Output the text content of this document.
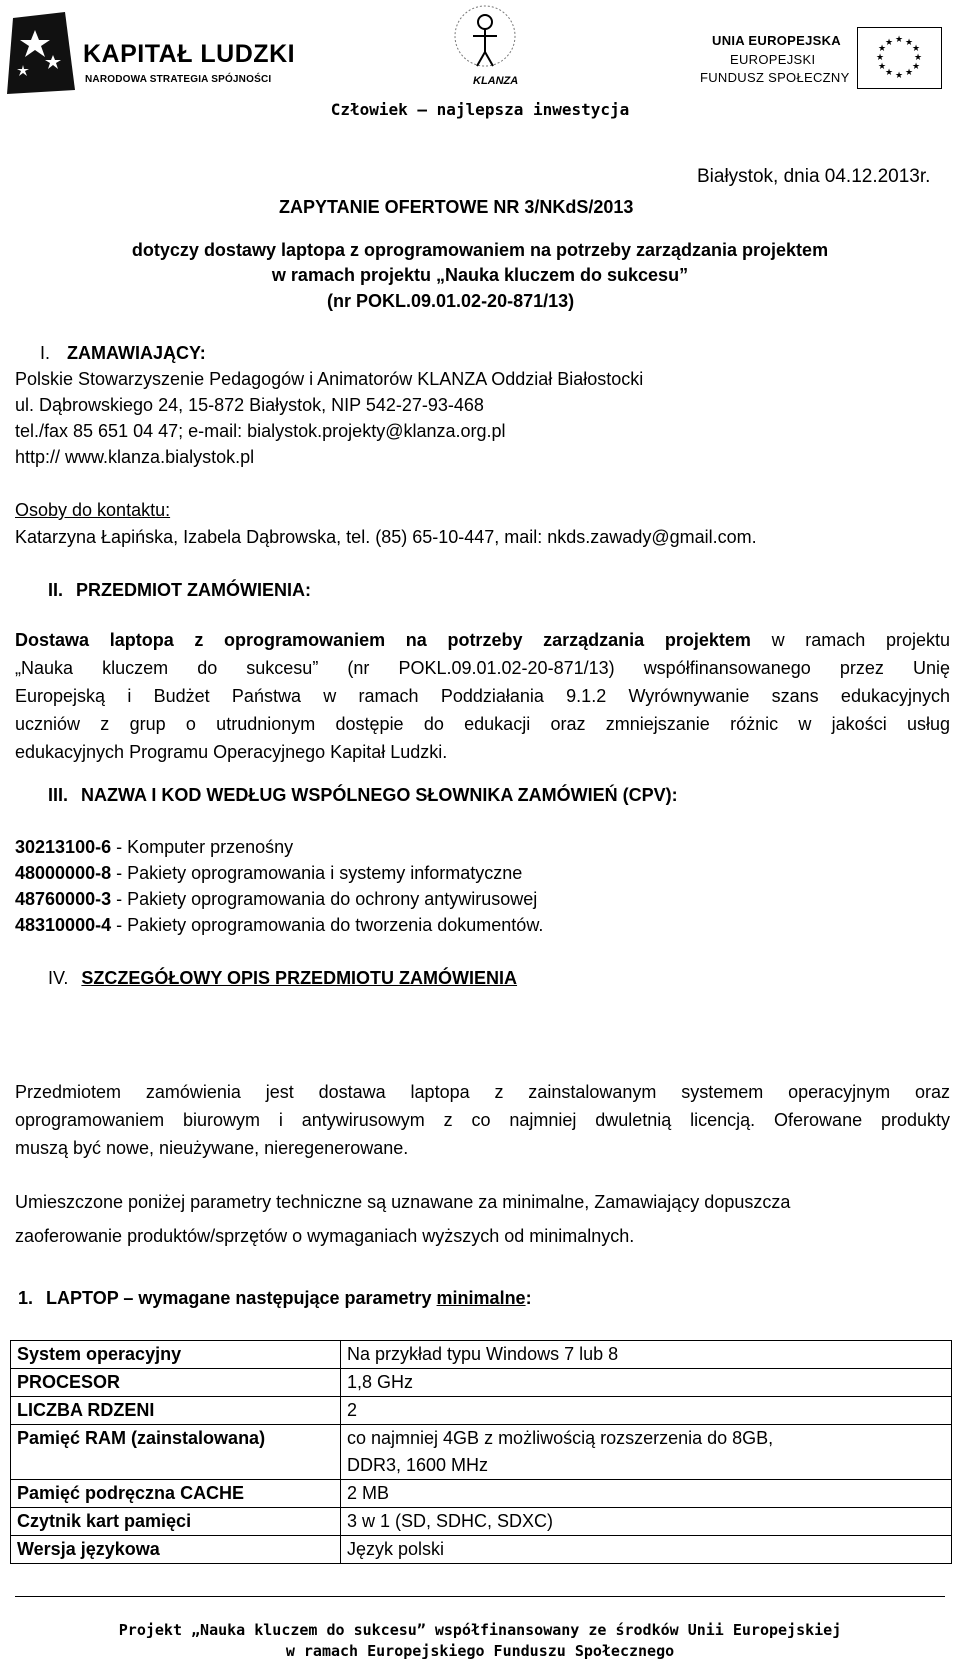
KAPITAŁ LUDZKI
NARODOWA STRATEGIA SPÓJNOŚCI	KLANZA
UNIA EUROPEJSKA
EUROPEJSKI
FUNDUSZ SPOŁECZNY
★ ★
★
★
★
★
★
★
★
★
★
★
Człowiek – najlepsza inwestycja
Białystok, dnia 04.12.2013r.
ZAPYTANIE OFERTOWE NR 3/NKdS/2013
dotyczy dostawy laptopa z oprogramowaniem na potrzeby zarządzania projektem
w ramach projektu „Nauka kluczem do sukcesu”
(nr POKL.09.01.02-20-871/13)
I. ZAMAWIAJĄCY:
Polskie Stowarzyszenie Pedagogów i Animatorów KLANZA Oddział Białostocki
ul. Dąbrowskiego 24, 15-872 Białystok, NIP 542-27-93-468
tel./fax 85 651 04 47; e-mail: bialystok.projekty@klanza.org.pl
http:// www.klanza.bialystok.pl
Osoby do kontaktu:
Katarzyna Łapińska, Izabela Dąbrowska, tel. (85) 65-10-447, mail: nkds.zawady@gmail.com.
II. PRZEDMIOT ZAMÓWIENIA:
Dostawa laptopa z oprogramowaniem na potrzeby zarządzania projektem w ramach projektu
„Nauka kluczem do sukcesu” (nr POKL.09.01.02-20-871/13) współfinansowanego przez Unię
Europejską i Budżet Państwa w ramach Poddziałania 9.1.2 Wyrównywanie szans edukacyjnych
uczniów z grup o utrudnionym dostępie do edukacji oraz zmniejszanie różnic w jakości usług
edukacyjnych Programu Operacyjnego Kapitał Ludzki.
III. NAZWA I KOD WEDŁUG WSPÓLNEGO SŁOWNIKA ZAMÓWIEŃ (CPV):
30213100-6 - Komputer przenośny
48000000-8 - Pakiety oprogramowania i systemy informatyczne
48760000-3 - Pakiety oprogramowania do ochrony antywirusowej
48310000-4 - Pakiety oprogramowania do tworzenia dokumentów.
IV. SZCZEGÓŁOWY OPIS PRZEDMIOTU ZAMÓWIENIA
Przedmiotem zamówienia jest dostawa laptopa z zainstalowanym systemem operacyjnym oraz
oprogramowaniem biurowym i antywirusowym z co najmniej dwuletnią licencją. Oferowane produkty
muszą być nowe, nieużywane, nieregenerowane.
Umieszczone poniżej parametry techniczne są uznawane za minimalne, Zamawiający dopuszcza
zaoferowanie produktów/sprzętów o wymaganiach wyższych od minimalnych.
1. LAPTOP – wymagane następujące parametry minimalne:
System operacyjny	Na przykład typu Windows 7 lub 8
PROCESOR	1,8 GHz
LICZBA RDZENI	2
Pamięć RAM (zainstalowana)	co najmniej 4GB z możliwością rozszerzenia do 8GB,
DDR3, 1600 MHz

Pamięć podręczna CACHE	2 MB
Czytnik kart pamięci	3 w 1 (SD, SDHC, SDXC)
Wersja językowa	Język polski
Projekt „Nauka kluczem do sukcesu” współfinansowany ze środków Unii Europejskiej
w ramach Europejskiego Funduszu Społecznego
